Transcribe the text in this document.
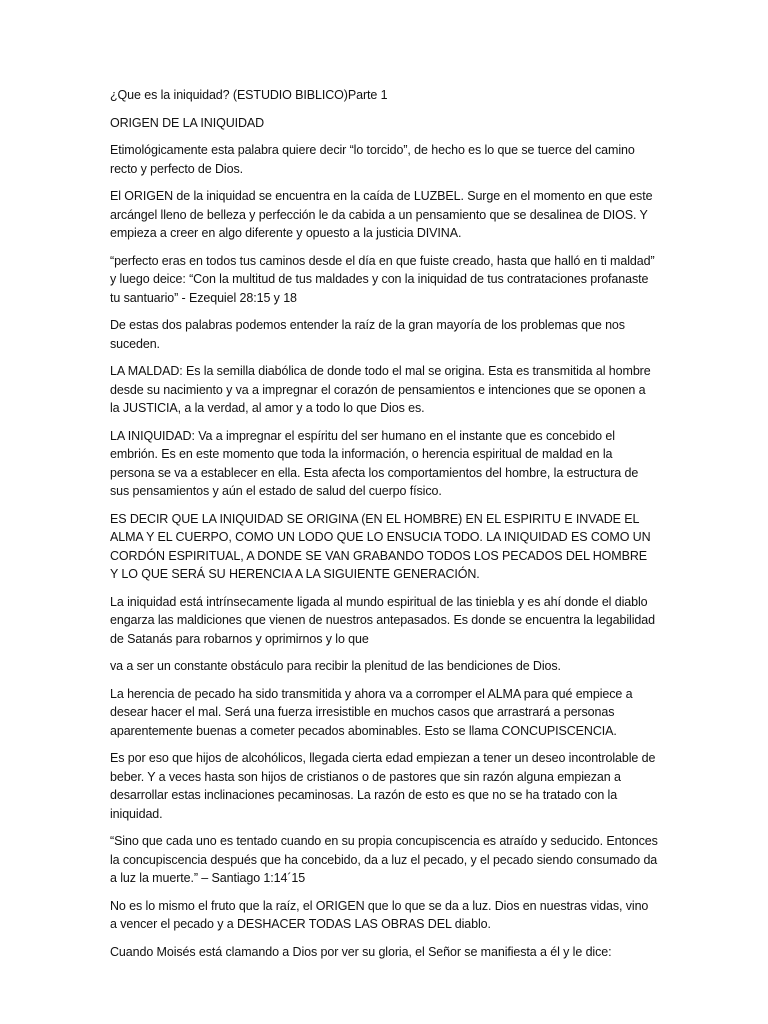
¿Que es la iniquidad? (ESTUDIO BIBLICO)Parte 1

ORIGEN DE LA INIQUIDAD

Etimológicamente esta palabra quiere decir “lo torcido”, de hecho es lo que se tuerce del camino recto y perfecto de Dios.

El ORIGEN de la iniquidad se encuentra en la caída de LUZBEL. Surge en el momento en que este arcángel lleno de belleza y perfección le da cabida a un pensamiento que se desalinea de DIOS. Y empieza a creer en algo diferente y opuesto a la justicia DIVINA.

“perfecto eras en todos tus caminos desde el día en que fuiste creado, hasta que halló en ti maldad” y luego deice: “Con la multitud de tus maldades y con la iniquidad de tus contrataciones profanaste tu santuario” - Ezequiel 28:15 y 18

De estas dos palabras podemos entender la raíz de la gran mayoría de los problemas que nos suceden.

LA MALDAD: Es la semilla diabólica de donde todo el mal se origina. Esta es transmitida al hombre desde su nacimiento y va a impregnar el corazón de pensamientos e intenciones que se oponen a la JUSTICIA, a la verdad, al amor y a todo lo que Dios es.

LA INIQUIDAD: Va a impregnar el espíritu del ser humano en el instante que es concebido el embrión. Es en este momento que toda la información, o herencia espiritual de maldad en la persona se va a establecer en ella. Esta afecta los comportamientos del hombre, la estructura de sus pensamientos y aún el estado de salud del cuerpo físico.

ES DECIR QUE LA INIQUIDAD SE ORIGINA (EN EL HOMBRE) EN EL ESPIRITU E INVADE EL ALMA Y EL CUERPO, COMO UN LODO QUE LO ENSUCIA TODO. LA INIQUIDAD ES COMO UN CORDÓN ESPIRITUAL, A DONDE SE VAN GRABANDO TODOS LOS PECADOS DEL HOMBRE Y LO QUE SERÁ SU HERENCIA A LA SIGUIENTE GENERACIÓN.

La iniquidad está intrínsecamente ligada al mundo espiritual de las tiniebla y es ahí donde el diablo engarza las maldiciones que vienen de nuestros antepasados. Es donde se encuentra la legabilidad de Satanás para robarnos y oprimirnos y lo que

va a ser un constante obstáculo para recibir la plenitud de las bendiciones de Dios.

La herencia de pecado ha sido transmitida y ahora va a corromper el ALMA para qué empiece a desear hacer el mal. Será una fuerza irresistible en muchos casos que arrastrará a personas aparentemente buenas a cometer pecados abominables. Esto se llama CONCUPISCENCIA.

Es por eso que hijos de alcohólicos, llegada cierta edad empiezan a tener un deseo incontrolable de beber. Y a veces hasta son hijos de cristianos o de pastores que sin razón alguna empiezan a desarrollar estas inclinaciones pecaminosas. La razón de esto es que no se ha tratado con la iniquidad.

“Sino que cada uno es tentado cuando en su propia concupiscencia es atraído y seducido. Entonces la concupiscencia después que ha concebido, da a luz el pecado, y el pecado siendo consumado da a luz la muerte.” – Santiago 1:14´15

No es lo mismo el fruto que la raíz, el ORIGEN que lo que se da a luz. Dios en nuestras vidas, vino a vencer el pecado y a DESHACER TODAS LAS OBRAS DEL diablo.

Cuando Moisés está clamando a Dios por ver su gloria, el Señor se manifiesta a él y le dice:
